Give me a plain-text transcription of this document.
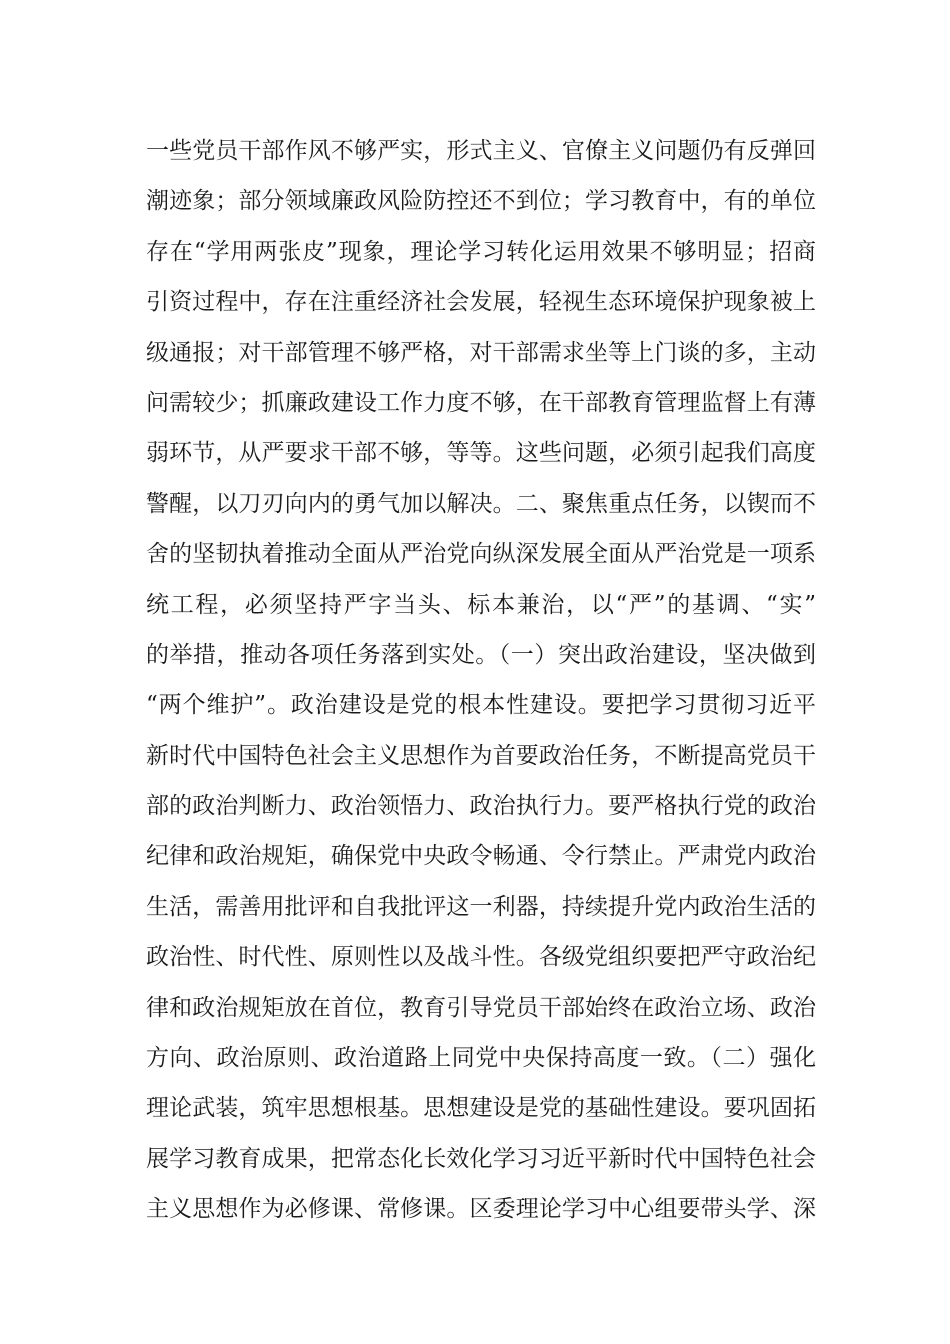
一些党员干部作风不够严实，形式主义、官僚主义问题仍有反弹回
潮迹象；部分领域廉政风险防控还不到位；学习教育中，有的单位
存在“学用两张皮”现象，理论学习转化运用效果不够明显；招商
引资过程中，存在注重经济社会发展，轻视生态环境保护现象被上
级通报；对干部管理不够严格，对干部需求坐等上门谈的多，主动
问需较少；抓廉政建设工作力度不够，在干部教育管理监督上有薄
弱环节，从严要求干部不够，等等。这些问题，必须引起我们高度
警醒，以刀刃向内的勇气加以解决。二、聚焦重点任务，以锲而不
舍的坚韧执着推动全面从严治党向纵深发展全面从严治党是一项系
统工程，必须坚持严字当头、标本兼治，以“严”的基调、“实”
的举措，推动各项任务落到实处。（一）突出政治建设，坚决做到
“两个维护”。政治建设是党的根本性建设。要把学习贯彻习近平
新时代中国特色社会主义思想作为首要政治任务，不断提高党员干
部的政治判断力、政治领悟力、政治执行力。要严格执行党的政治
纪律和政治规矩，确保党中央政令畅通、令行禁止。严肃党内政治
生活，需善用批评和自我批评这一利器，持续提升党内政治生活的
政治性、时代性、原则性以及战斗性。各级党组织要把严守政治纪
律和政治规矩放在首位，教育引导党员干部始终在政治立场、政治
方向、政治原则、政治道路上同党中央保持高度一致。（二）强化
理论武装，筑牢思想根基。思想建设是党的基础性建设。要巩固拓
展学习教育成果，把常态化长效化学习习近平新时代中国特色社会
主义思想作为必修课、常修课。区委理论学习中心组要带头学、深
